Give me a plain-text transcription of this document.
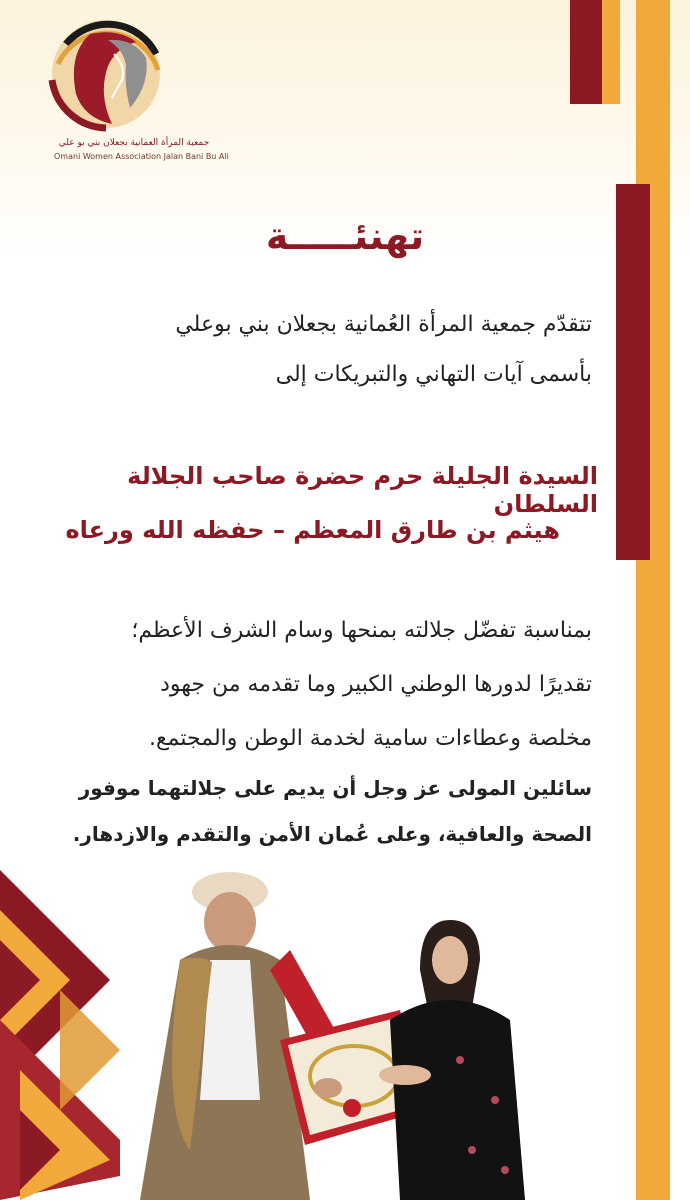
جمعية المرأة العمانية بجعلان بني بو علي
Omani Women Association Jalan Bani Bu Ali
تهنئـــــة
تتقدّم جمعية المرأة العُمانية بجعلان بني بوعلي
بأسمى آيات التهاني والتبريكات إلى
السيدة الجليلة حرم حضرة صاحب الجلالة السلطان
هيثم بن طارق المعظم – حفظه الله ورعاه
بمناسبة تفضّل جلالته بمنحها وسام الشرف الأعظم؛
تقديرًا لدورها الوطني الكبير وما تقدمه من جهود
مخلصة وعطاءات سامية لخدمة الوطن والمجتمع.
سائلين المولى عز وجل أن يديم على جلالتهما موفور
الصحة والعافية، وعلى عُمان الأمن والتقدم والازدهار.
